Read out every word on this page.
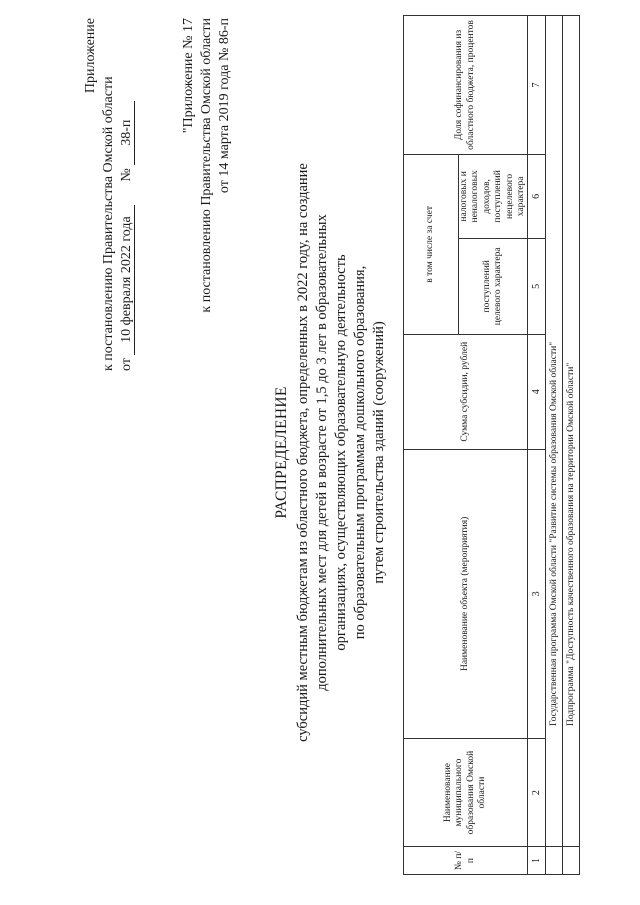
Приложение
к постановлению Правительства Омской области от 10 февраля 2022 года  № 38-п	"Приложение № 17 к постановлению Правительства Омской области от 14 марта 2019 года № 86-п
РАСПРЕДЕЛЕНИЕ субсидий местным бюджетам из областного бюджета, определенных в 2022 году, на создание дополнительных мест для детей в возрасте от 1,5 до 3 лет в образовательных организациях, осуществляющих образовательную деятельность по образовательным программам дошкольного образования, путем строительства зданий (сооружений)
№ п/п	Наименование муниципального образования Омской области	Наименование объекта (мероприятия)	Сумма субсидии, рублей	в том числе за счет		Доля софинансирования из областного бюджета, процентов
				поступлений целевого характера	налоговых и неналоговых доходов, поступлений нецелевого характера	
1	2	3	4	5	6	7
	Государственная программа Омской области "Развитие системы образования Омской области"					
	Подпрограмма "Доступность качественного образования на территории Омской области"					
